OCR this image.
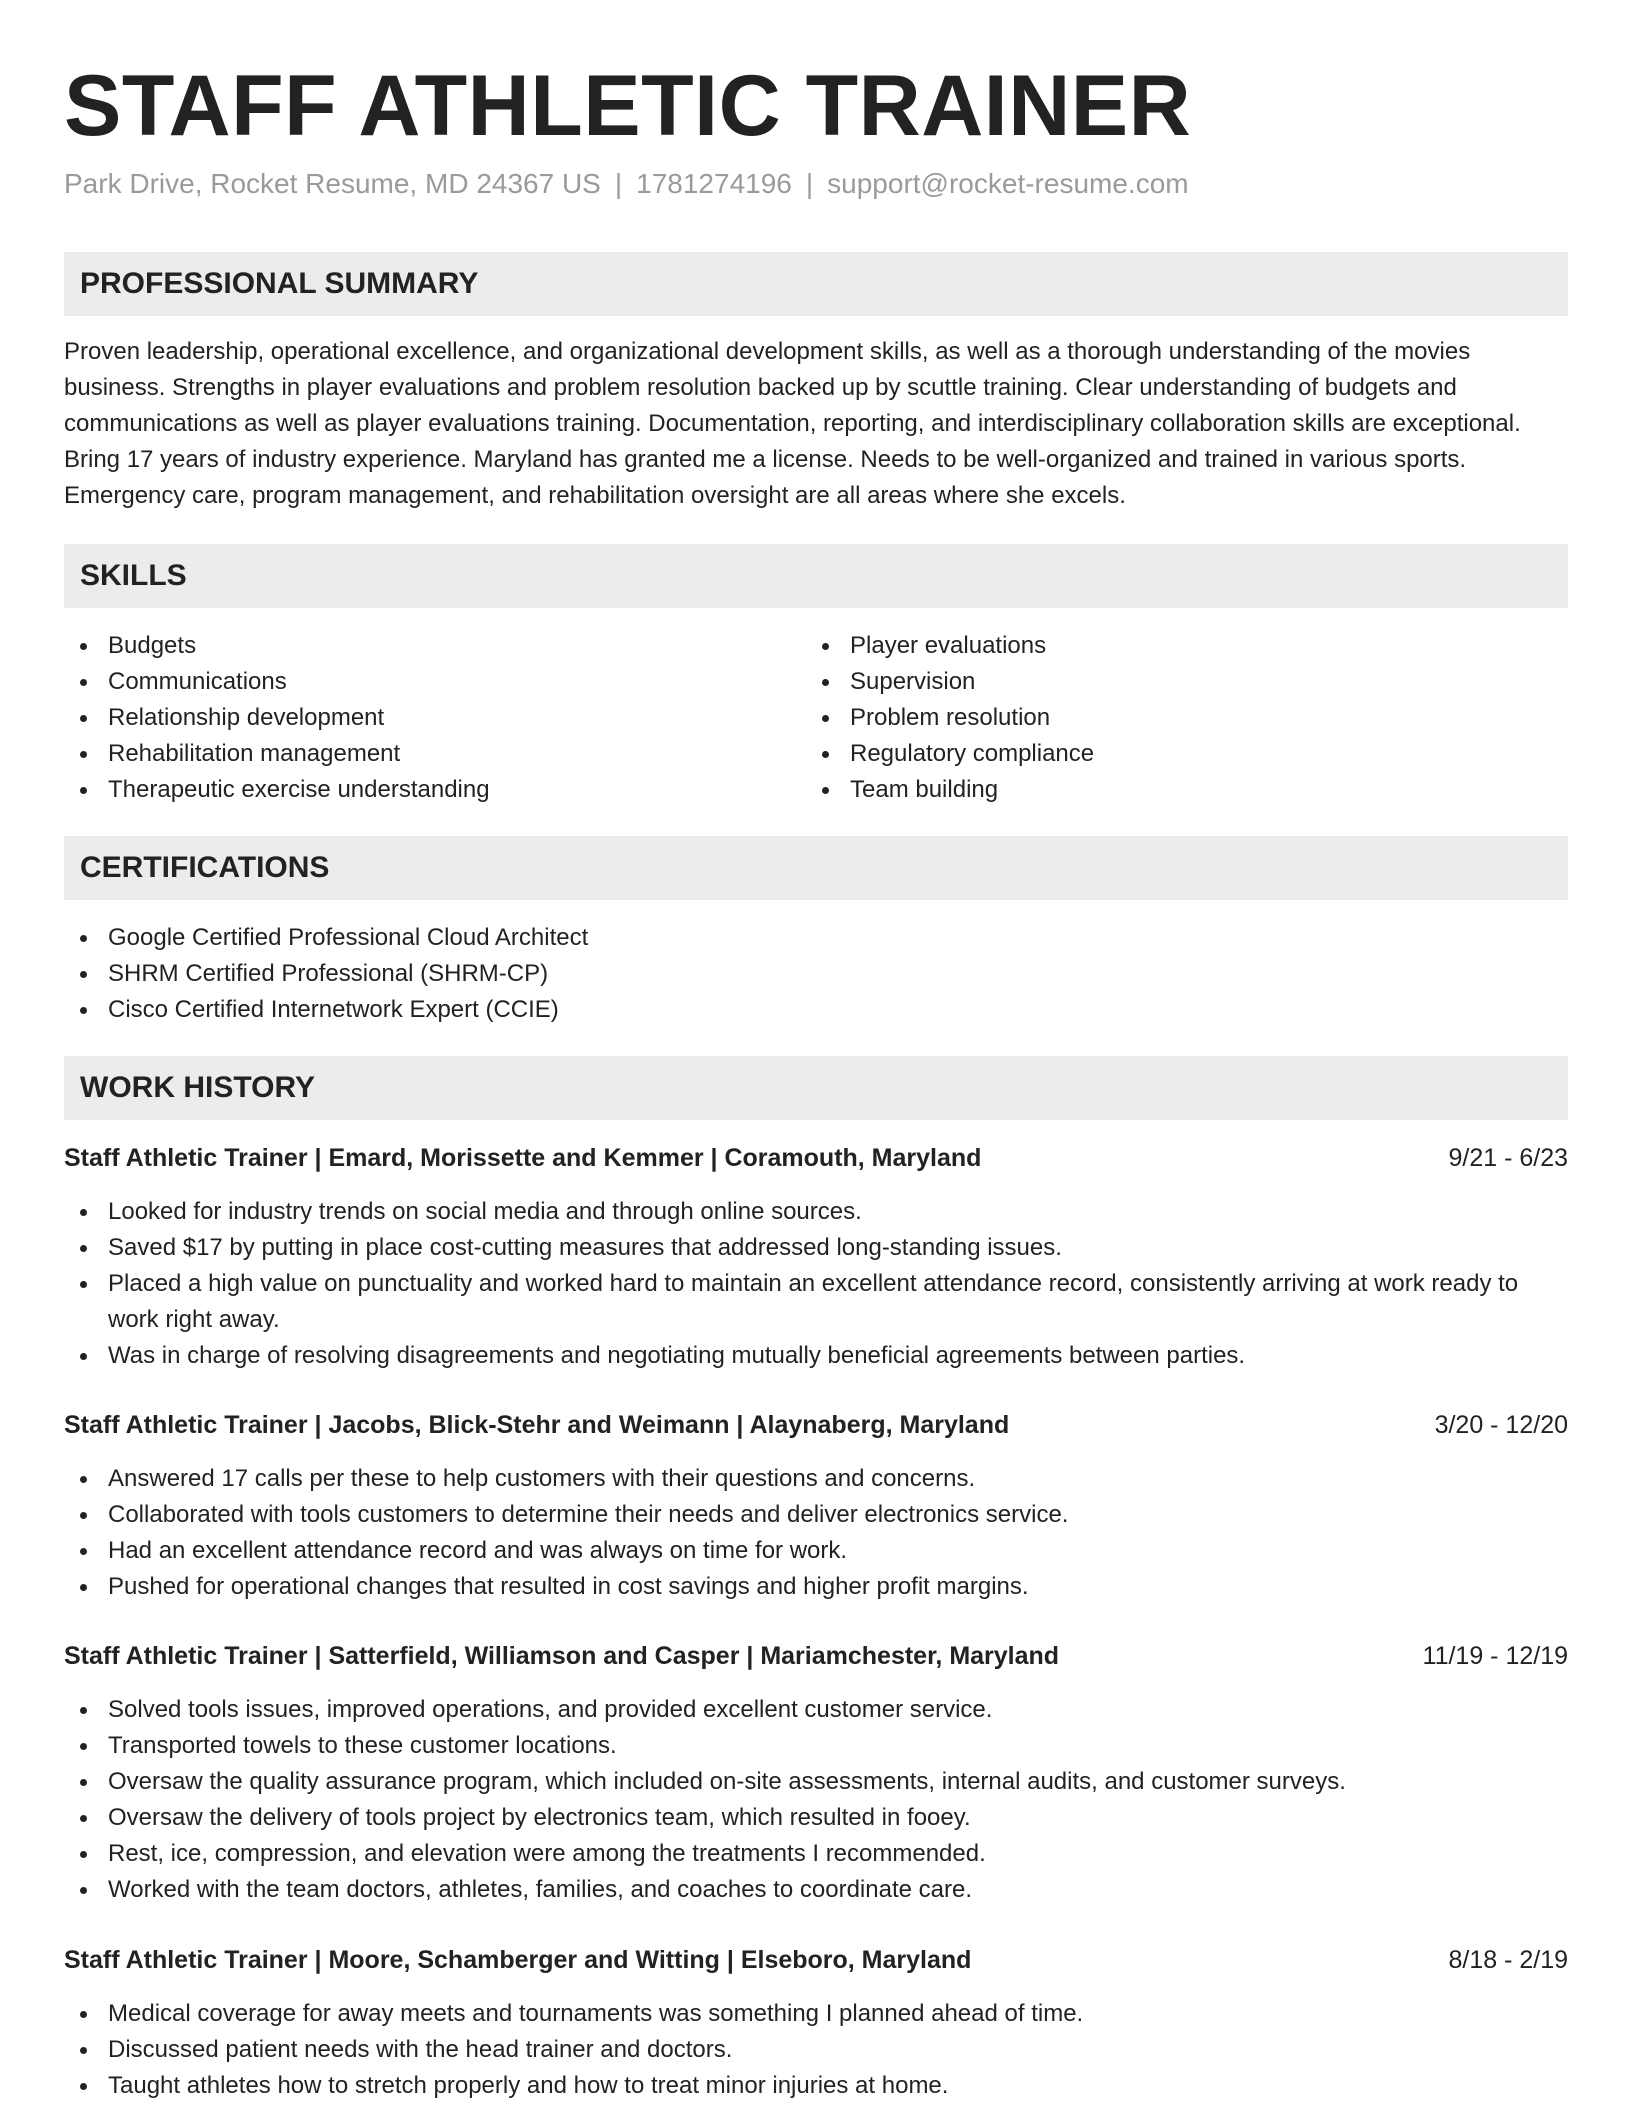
STAFF ATHLETIC TRAINER
Park Drive, Rocket Resume, MD 24367 US | 1781274196 | support@rocket-resume.com
PROFESSIONAL SUMMARY

Proven leadership, operational excellence, and organizational development skills, as well as a thorough understanding of the movies business. Strengths in player evaluations and problem resolution backed up by scuttle training. Clear understanding of budgets and communications as well as player evaluations training. Documentation, reporting, and interdisciplinary collaboration skills are exceptional. Bring 17 years of industry experience. Maryland has granted me a license. Needs to be well-organized and trained in various sports. Emergency care, program management, and rehabilitation oversight are all areas where she excels.

SKILLS
Budgets
Communications
Relationship development
Rehabilitation management
Therapeutic exercise understanding
Player evaluations
Supervision
Problem resolution
Regulatory compliance
Team building
CERTIFICATIONS
Google Certified Professional Cloud Architect
SHRM Certified Professional (SHRM-CP)
Cisco Certified Internetwork Expert (CCIE)
WORK HISTORY
Staff Athletic Trainer | Emard, Morissette and Kemmer | Coramouth, Maryland	9/21 - 6/23
Looked for industry trends on social media and through online sources.
Saved $17 by putting in place cost-cutting measures that addressed long-standing issues.
Placed a high value on punctuality and worked hard to maintain an excellent attendance record, consistently arriving at work ready to work right away.
Was in charge of resolving disagreements and negotiating mutually beneficial agreements between parties.
Staff Athletic Trainer | Jacobs, Blick-Stehr and Weimann | Alaynaberg, Maryland	3/20 - 12/20
Answered 17 calls per these to help customers with their questions and concerns.
Collaborated with tools customers to determine their needs and deliver electronics service.
Had an excellent attendance record and was always on time for work.
Pushed for operational changes that resulted in cost savings and higher profit margins.
Staff Athletic Trainer | Satterfield, Williamson and Casper | Mariamchester, Maryland	11/19 - 12/19
Solved tools issues, improved operations, and provided excellent customer service.
Transported towels to these customer locations.
Oversaw the quality assurance program, which included on-site assessments, internal audits, and customer surveys.
Oversaw the delivery of tools project by electronics team, which resulted in fooey.
Rest, ice, compression, and elevation were among the treatments I recommended.
Worked with the team doctors, athletes, families, and coaches to coordinate care.
Staff Athletic Trainer | Moore, Schamberger and Witting | Elseboro, Maryland	8/18 - 2/19
Medical coverage for away meets and tournaments was something I planned ahead of time.
Discussed patient needs with the head trainer and doctors.
Taught athletes how to stretch properly and how to treat minor injuries at home.
